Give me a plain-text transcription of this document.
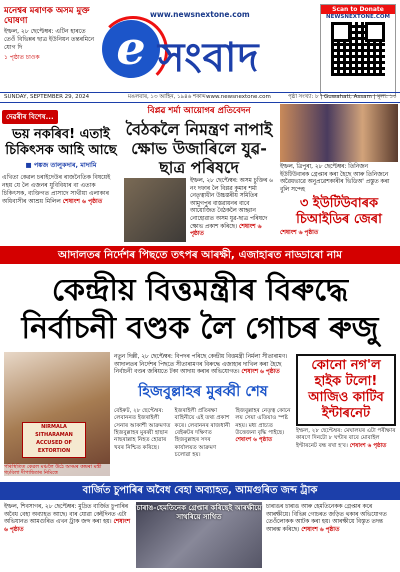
মনেশ্বৰ মৰাণক অসম মুক্ত ঘোষণা
ইম্ফল, ২৮ ছেপ্টেম্বৰ: এটিন হাৰতে তেওঁ বিভিন্নৰ ছাত্ৰ ইউনিয়ন তন্তৰমিনে যোগ দি
১ পৃষ্ঠাত চাওক	e সংবাদ
www.newsnextone.com
Scan to Donate
NEWSNEXTONE.COM
SUNDAY, SEPTEMBER 29, 2024	মঙলবাৰ, ১৩ আহিন, ১৯৪৬ শকাব্দ www.newsnextone.com	পৃষ্ঠা সংখ্যা: ৮ | Guwahati, Assam | মূল্য: ১০
দেৱৰীৰ বিশেষ...
ভয় নকৰিব! এতাই চিকিৎসক আহি আছে
■ পঙ্কজ তালুকদাৰ, মাদামি
এখিতা কেৱল চৰাইদেউৰ ৰাজনৈতিক বিষয়েই নহয় যে লৈ এজনৰ যুবিবিধাৰ বা এতাক চিকিৎসক, ব্যক্তিগত প্ৰাসাদে সাথীয়া এলাকাৰ অধিবাসীৰ আশ্ৰয় মিলিল শেষাংশ ৬ পৃষ্ঠাত
বিপ্লৱ শৰ্মা আয়োগৰ প্ৰতিবেদন
বৈঠকলৈ নিমন্ত্ৰণ নাপাই ক্ষোভ উজাৰিলে যুৱ-ছাত্ৰ পৰিষদে
ইম্ফল, ২৮ ছেপ্টেম্বৰ: অসম চুক্তিৰ ৬ নং দফাৰ লৈ বিপ্লৱ কুমাৰ শৰ্মা নেতৃত্বাধীন উচ্চস্তৰীয় সমিতিৰ আমুগপুৰ বাস্তৱায়নৰ বাবে আয়োজিত বৈঠকলৈ আহ্বান নোহোৱাত অসম যুৱ-ছাত্ৰ পৰিষদে ক্ষোভ প্ৰকাশ কৰিছে। শেষাংশ ৬ পৃষ্ঠাত
ইম্ফল, ত্ৰিপুৰা, ২৮ ছেপ্টেম্বৰ: তিনিজন ইউটিউবাৰক গ্ৰেপ্তাৰ কৰা হৈছে আৰু তিনিজনে অৱৈধভাৱে অনুপ্ৰৱেশকাৰীৰ ভিডিঅ' প্ৰস্তুত কৰা বুলি সন্দেহ
৩ ইউটিউবাৰক চিআইডিৰ জেৰা
শেষাংশ ৬ পৃষ্ঠাত
আদালতৰ নিৰ্দেশৰ পিছতে তৎপৰ আৰক্ষী, এজাহাৰত নাড্ডাৰো নাম
কেন্দ্ৰীয় বিত্তমন্ত্ৰীৰ বিৰুদ্ধে নিৰ্বাচনী বণ্ডক লৈ গোচৰ ৰুজু
NIRMALA SITHARAMAN ACCUSED OF EXTORTION
পৰিস্থিতিত কেৱল মঞ্চলৈ উঠে অসমৰ কন্দ্ৰৰা মন্ত্ৰী গঢ়বিলা দীপান্বিতাৰ নিমিত্তে
নতুন দিল্লী, ২৮ ছেপ্টেম্বৰ: বিপদৰ পৰিছে কেন্দ্ৰীয় বিত্তমন্ত্ৰী নিৰ্মলা সীতাৰামণ। আদালতৰ নিৰ্দেশৰ পিছতে সীতাৰামণৰ বিৰুদ্ধে এজাহাৰ দাখিল কৰা হৈছে নিৰ্বাচনী বণ্ডৰ জৰিয়তে টকা আদায় কৰাৰ অভিযোগত। শেষাংশ ৬ পৃষ্ঠাত
হিজবুল্লাহৰ মুৰব্বী শেষ
বেইৰুট, ২৮ ছেপ্টেম্বৰ: লেবাননত ইজৰাইলী সেনাৰ আকাশী আক্ৰমণত হিজবুল্লাহৰ মুৰব্বী হাছান নাছৰাল্লাহ নিহত হোৱাৰ খবৰ নিশ্চিত কৰিছে।
ইজৰাইলী প্ৰতিৰক্ষা বাহিনীয়ে এই তথ্য প্ৰকাশ কৰে। লেবাননৰ ৰাজধানী বেইৰুটৰ দক্ষিণত হিজবুল্লাহৰ সদৰ কাৰ্যালয়ত আক্ৰমণ চলোৱা হয়।
হিজবুল্লাহৰ নেতৃত্ব কোনে লয় সেয়া এতিয়াও স্পষ্ট নহয়। মধ্য প্ৰাচ্যত উত্তেজনা বৃদ্ধি পাইছে। শেষাংশ ৬ পৃষ্ঠাত
কোনো নগ'ল হাইক টলো! আজিও কাটিব ইন্টাৰনেট
ইম্ফল, ২৮ ছেপ্টেম্বৰ: মেঘালয়ৰ এটা পৰীক্ষাৰ কাৰণে দিনটো ৮ ঘণ্টাৰ বাবে মোবাইল ইণ্টাৰনেট বন্ধ ৰখা হ'ব। শেষাংশ ৬ পৃষ্ঠাত
বাৰ্জিত চুপাৰিৰ অবৈধ বেহা অব্যাহত, আমগুৰিত জব্দ ট্ৰাক
ইম্ফল, শিবসাগৰ, ২৮ ছেপ্টেম্বৰ: মুদ্ৰিত বাৰ্জিত চুপাৰিৰ অবৈধ বেহা অব্যাহত আছে। বাৰ যোৱা কেইদিনত এটা অভিযানত আমগুৰিত এখন ট্ৰাক জব্দ কৰা হয়। শেষাংশ ৬ পৃষ্ঠাত
চাৰাঙ-হেমতিনেক গ্ৰেপ্তাৰ কৰিছেই আৰক্ষীয়ে সাথৰিয়ে সাথিত
চাৰাঙৰ চাৰাঙ আৰু হেমতিনেকক গ্ৰেপ্তাৰ কৰে আৰক্ষীয়ে। বিভিন্ন গোচৰত জড়িত থকাৰ অভিযোগত তেওঁলোকক আটক কৰা হয়। আৰক্ষীয়ে বিস্তৃত তদন্ত আৰম্ভ কৰিছে। শেষাংশ ৬ পৃষ্ঠাত
